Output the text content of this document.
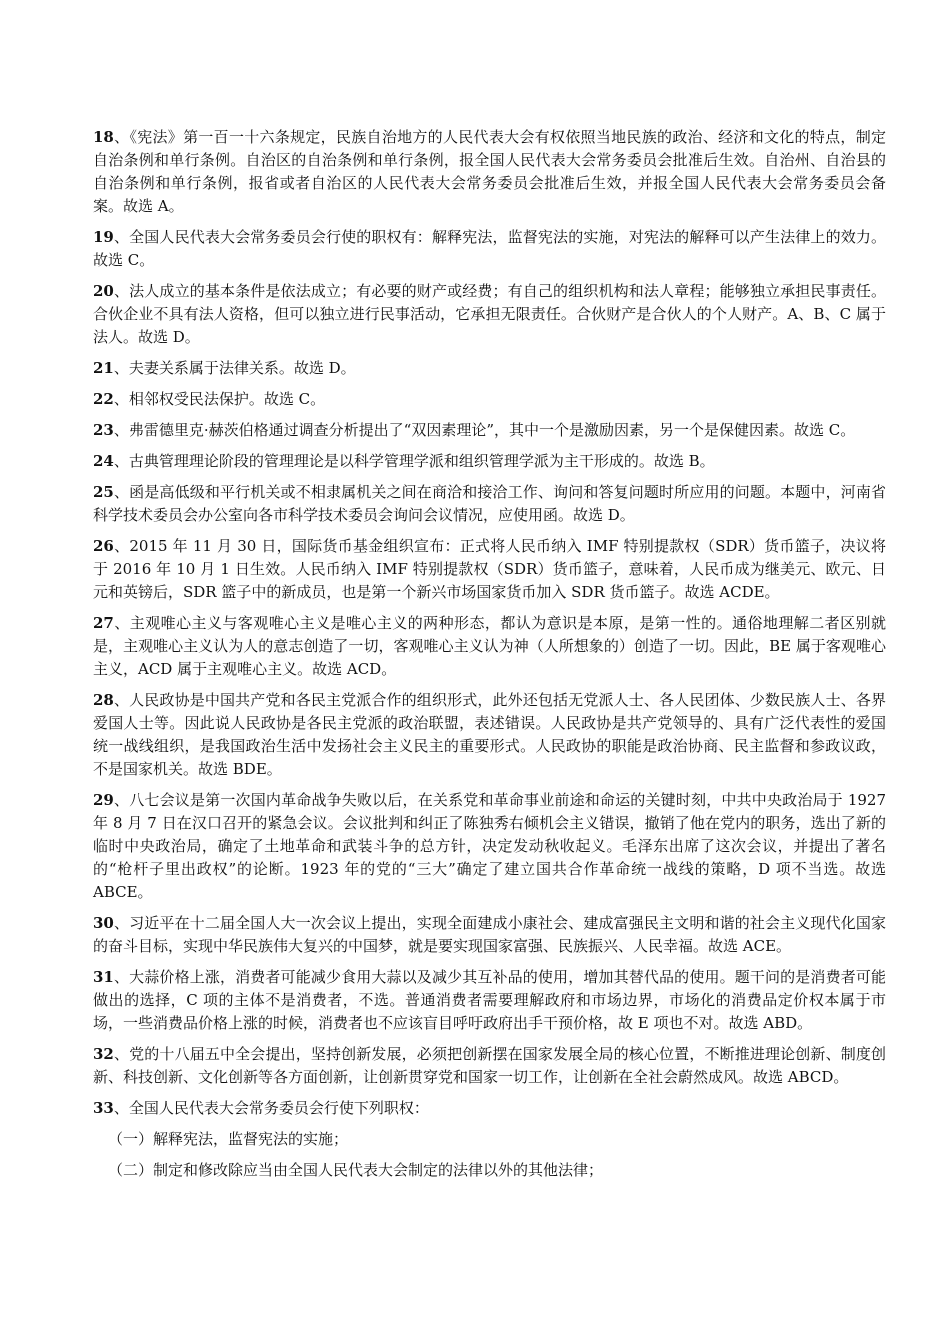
18、《宪法》第一百一十六条规定，民族自治地方的人民代表大会有权依照当地民族的政治、经济和文化的特点，制定自治条例和单行条例。自治区的自治条例和单行条例，报全国人民代表大会常务委员会批准后生效。自治州、自治县的自治条例和单行条例，报省或者自治区的人民代表大会常务委员会批准后生效，并报全国人民代表大会常务委员会备案。故选 A。

19、全国人民代表大会常务委员会行使的职权有：解释宪法，监督宪法的实施，对宪法的解释可以产生法律上的效力。故选 C。

20、法人成立的基本条件是依法成立；有必要的财产或经费；有自己的组织机构和法人章程；能够独立承担民事责任。合伙企业不具有法人资格，但可以独立进行民事活动，它承担无限责任。合伙财产是合伙人的个人财产。A、B、C 属于法人。故选 D。

21、夫妻关系属于法律关系。故选 D。

22、相邻权受民法保护。故选 C。

23、弗雷德里克·赫茨伯格通过调查分析提出了“双因素理论”，其中一个是激励因素，另一个是保健因素。故选 C。

24、古典管理理论阶段的管理理论是以科学管理学派和组织管理学派为主干形成的。故选 B。

25、函是高低级和平行机关或不相隶属机关之间在商洽和接洽工作、询问和答复问题时所应用的问题。本题中，河南省科学技术委员会办公室向各市科学技术委员会询问会议情况，应使用函。故选 D。

26、2015 年 11 月 30 日，国际货币基金组织宣布：正式将人民币纳入 IMF 特别提款权（SDR）货币篮子，决议将于 2016 年 10 月 1 日生效。人民币纳入 IMF 特别提款权（SDR）货币篮子，意味着，人民币成为继美元、欧元、日元和英镑后，SDR 篮子中的新成员，也是第一个新兴市场国家货币加入 SDR 货币篮子。故选 ACDE。

27、主观唯心主义与客观唯心主义是唯心主义的两种形态，都认为意识是本原，是第一性的。通俗地理解二者区别就是，主观唯心主义认为人的意志创造了一切，客观唯心主义认为神（人所想象的）创造了一切。因此，BE 属于客观唯心主义，ACD 属于主观唯心主义。故选 ACD。

28、人民政协是中国共产党和各民主党派合作的组织形式，此外还包括无党派人士、各人民团体、少数民族人士、各界爱国人士等。因此说人民政协是各民主党派的政治联盟，表述错误。人民政协是共产党领导的、具有广泛代表性的爱国统一战线组织，是我国政治生活中发扬社会主义民主的重要形式。人民政协的职能是政治协商、民主监督和参政议政，不是国家机关。故选 BDE。

29、八七会议是第一次国内革命战争失败以后，在关系党和革命事业前途和命运的关键时刻，中共中央政治局于 1927 年 8 月 7 日在汉口召开的紧急会议。会议批判和纠正了陈独秀右倾机会主义错误，撤销了他在党内的职务，选出了新的临时中央政治局，确定了土地革命和武装斗争的总方针，决定发动秋收起义。毛泽东出席了这次会议，并提出了著名的“枪杆子里出政权”的论断。1923 年的党的“三大”确定了建立国共合作革命统一战线的策略，D 项不当选。故选 ABCE。

30、习近平在十二届全国人大一次会议上提出，实现全面建成小康社会、建成富强民主文明和谐的社会主义现代化国家的奋斗目标，实现中华民族伟大复兴的中国梦，就是要实现国家富强、民族振兴、人民幸福。故选 ACE。

31、大蒜价格上涨，消费者可能减少食用大蒜以及减少其互补品的使用，增加其替代品的使用。题干问的是消费者可能做出的选择，C 项的主体不是消费者，不选。普通消费者需要理解政府和市场边界，市场化的消费品定价权本属于市场，一些消费品价格上涨的时候，消费者也不应该盲目呼吁政府出手干预价格，故 E 项也不对。故选 ABD。

32、党的十八届五中全会提出，坚持创新发展，必须把创新摆在国家发展全局的核心位置，不断推进理论创新、制度创新、科技创新、文化创新等各方面创新，让创新贯穿党和国家一切工作，让创新在全社会蔚然成风。故选 ABCD。

33、全国人民代表大会常务委员会行使下列职权：

（一）解释宪法，监督宪法的实施；

（二）制定和修改除应当由全国人民代表大会制定的法律以外的其他法律；
